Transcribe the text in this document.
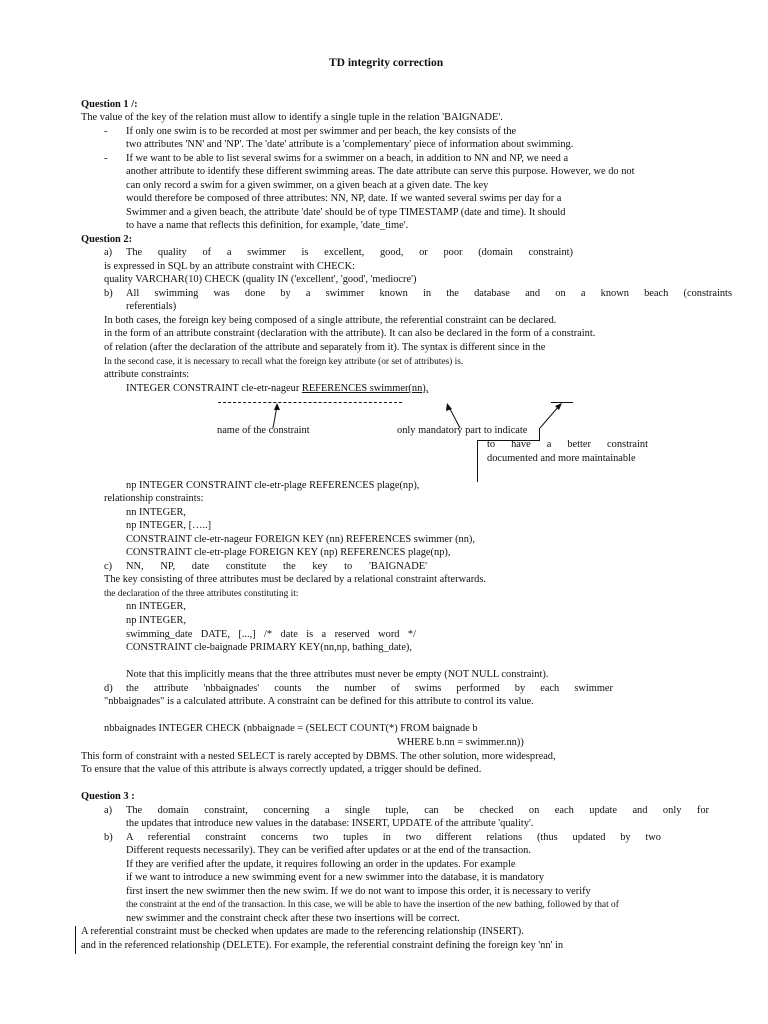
TD integrity correction
Question 1 /:
The value of the key of the relation must allow to identify a single tuple in the relation 'BAIGNADE'.
- If only one swim is to be recorded at most per swimmer and per beach, the key consists of the
two attributes 'NN' and 'NP'. The 'date' attribute is a 'complementary' piece of information about swimming.
- If we want to be able to list several swims for a swimmer on a beach, in addition to NN and NP, we need a
another attribute to identify these different swimming areas. The date attribute can serve this purpose. However, we do not
can only record a swim for a given swimmer, on a given beach at a given date. The key
would therefore be composed of three attributes: NN, NP, date. If we wanted several swims per day for a
Swimmer and a given beach, the attribute 'date' should be of type TIMESTAMP (date and time). It should
to have a name that reflects this definition, for example, 'date_time'.
Question 2:
a) The quality of a swimmer is excellent, good, or poor (domain constraint)
is expressed in SQL by an attribute constraint with CHECK:
quality VARCHAR(10) CHECK (quality IN ('excellent', 'good', 'mediocre')
b) All swimming was done by a swimmer known in the database and on a known beach (constraints
referentials)
In both cases, the foreign key being composed of a single attribute, the referential constraint can be declared.
in the form of an attribute constraint (declaration with the attribute). It can also be declared in the form of a constraint.
of relation (after the declaration of the attribute and separately from it). The syntax is different since in the
In the second case, it is necessary to recall what the foreign key attribute (or set of attributes) is.
attribute constraints:
INTEGER CONSTRAINT cle-etr-nageur REFERENCES swimmer(nn),
name of the constraint	only mandatory part to indicate
to have a better constraint
documented and more maintainable
np INTEGER CONSTRAINT cle-etr-plage REFERENCES plage(np),
relationship constraints:
nn INTEGER,
np INTEGER, […..]
CONSTRAINT cle-etr-nageur FOREIGN KEY (nn) REFERENCES swimmer (nn),
CONSTRAINT cle-etr-plage FOREIGN KEY (np) REFERENCES plage(np),
c) NN, NP, date constitute the key to 'BAIGNADE'
The key consisting of three attributes must be declared by a relational constraint afterwards.
the declaration of the three attributes constituting it:
nn INTEGER,
np INTEGER,
swimming_date DATE, [...,] /* date is a reserved word */
CONSTRAINT cle-baignade PRIMARY KEY(nn,np, bathing_date),
Note that this implicitly means that the three attributes must never be empty (NOT NULL constraint).
d) the attribute 'nbbaignades' counts the number of swims performed by each swimmer
"nbbaignades" is a calculated attribute. A constraint can be defined for this attribute to control its value.
nbbaignades INTEGER CHECK (nbbaignade = (SELECT COUNT(*) FROM baignade b
WHERE b.nn = swimmer.nn))
This form of constraint with a nested SELECT is rarely accepted by DBMS. The other solution, more widespread,
To ensure that the value of this attribute is always correctly updated, a trigger should be defined.
Question 3 :
a) The domain constraint, concerning a single tuple, can be checked on each update and only for
the updates that introduce new values in the database: INSERT, UPDATE of the attribute 'quality'.
b) A referential constraint concerns two tuples in two different relations (thus updated by two
Different requests necessarily). They can be verified after updates or at the end of the transaction.
If they are verified after the update, it requires following an order in the updates. For example
if we want to introduce a new swimming event for a new swimmer into the database, it is mandatory
first insert the new swimmer then the new swim. If we do not want to impose this order, it is necessary to verify
the constraint at the end of the transaction. In this case, we will be able to have the insertion of the new bathing, followed by that of
new swimmer and the constraint check after these two insertions will be correct.
A referential constraint must be checked when updates are made to the referencing relationship (INSERT).
and in the referenced relationship (DELETE). For example, the referential constraint defining the foreign key 'nn' in
